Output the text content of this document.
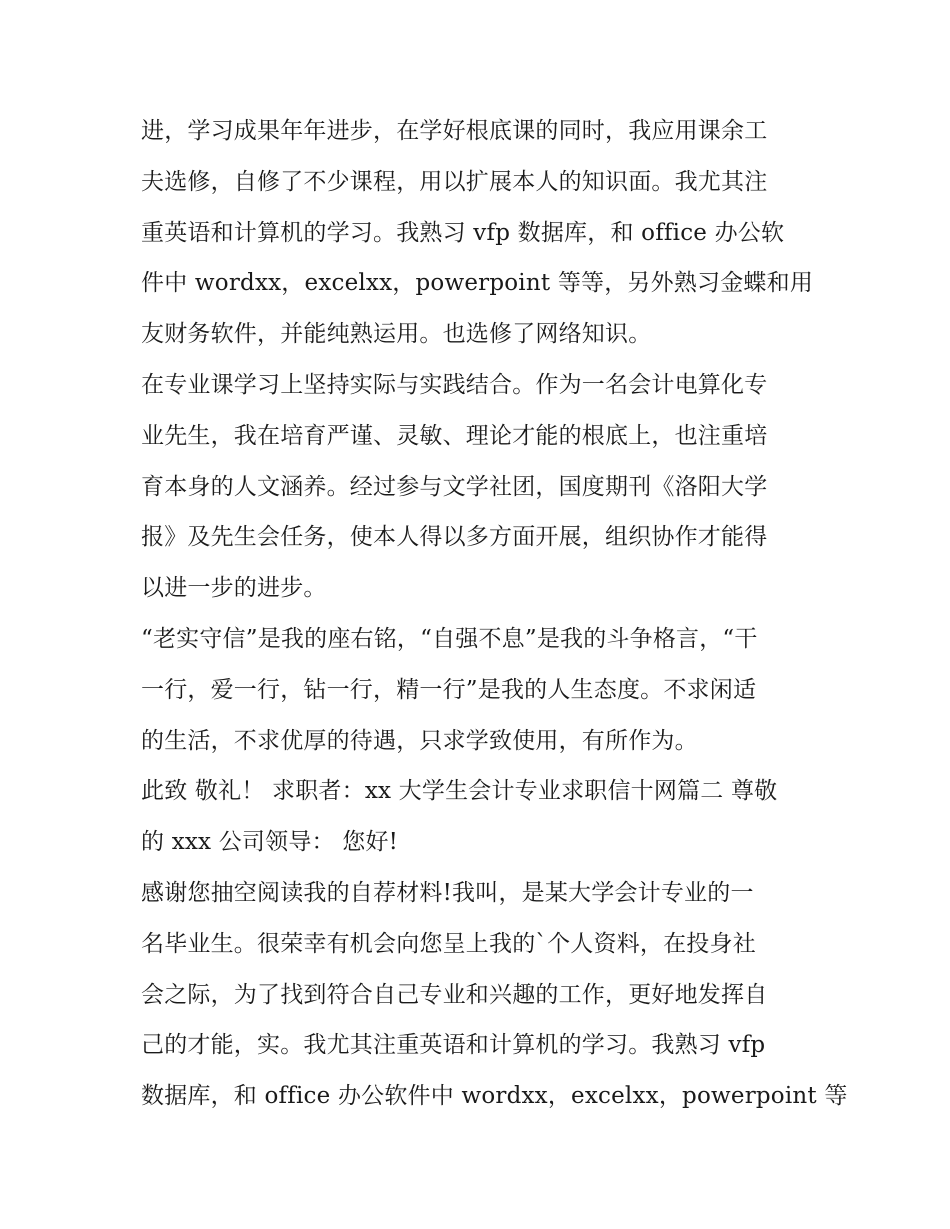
进，学习成果年年进步，在学好根底课的同时，我应用课余工
夫选修，自修了不少课程，用以扩展本人的知识面。我尤其注
重英语和计算机的学习。我熟习 vfp 数据库，和 office 办公软
件中 wordxx，excelxx，powerpoint 等等，另外熟习金蝶和用
友财务软件，并能纯熟运用。也选修了网络知识。
在专业课学习上坚持实际与实践结合。作为一名会计电算化专
业先生，我在培育严谨、灵敏、理论才能的根底上，也注重培
育本身的人文涵养。经过参与文学社团，国度期刊《洛阳大学
报》及先生会任务，使本人得以多方面开展，组织协作才能得
以进一步的进步。
“老实守信”是我的座右铭，“自强不息”是我的斗争格言，“干
一行，爱一行，钻一行，精一行”是我的人生态度。不求闲适
的生活，不求优厚的待遇，只求学致使用，有所作为。
此致 敬礼！ 求职者：xx 大学生会计专业求职信十网篇二 尊敬
的 xxx 公司领导： 您好!
感谢您抽空阅读我的自荐材料!我叫，是某大学会计专业的一
名毕业生。很荣幸有机会向您呈上我的`个人资料，在投身社
会之际，为了找到符合自己专业和兴趣的工作，更好地发挥自
己的才能，实。我尤其注重英语和计算机的学习。我熟习 vfp
数据库，和 office 办公软件中 wordxx，excelxx，powerpoint 等
